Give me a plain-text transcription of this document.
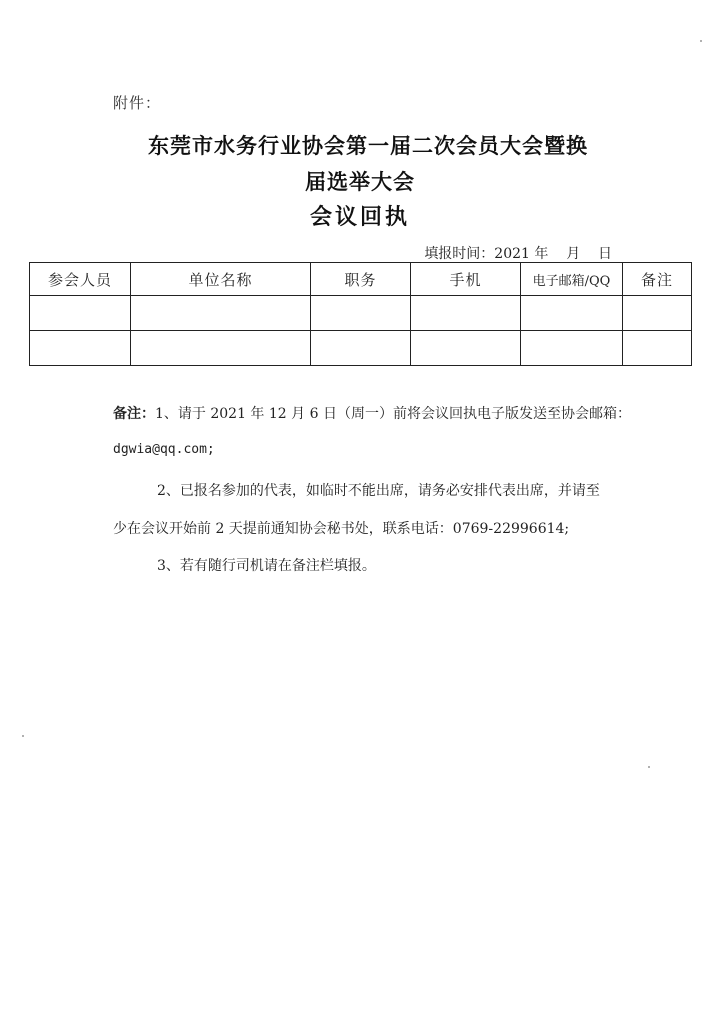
附件：
东莞市水务行业协会第一届二次会员大会暨换
届选举大会
会议回执
填报时间：2021 年    月    日
参会人员	单位名称	职务	手机	电子邮箱/QQ	备注

备注：1、请于 2021 年 12 月 6 日（周一）前将会议回执电子版发送至协会邮箱：
dgwia@qq.com;
2、已报名参加的代表，如临时不能出席，请务必安排代表出席，并请至
少在会议开始前 2 天提前通知协会秘书处，联系电话：0769-22996614;
3、若有随行司机请在备注栏填报。
